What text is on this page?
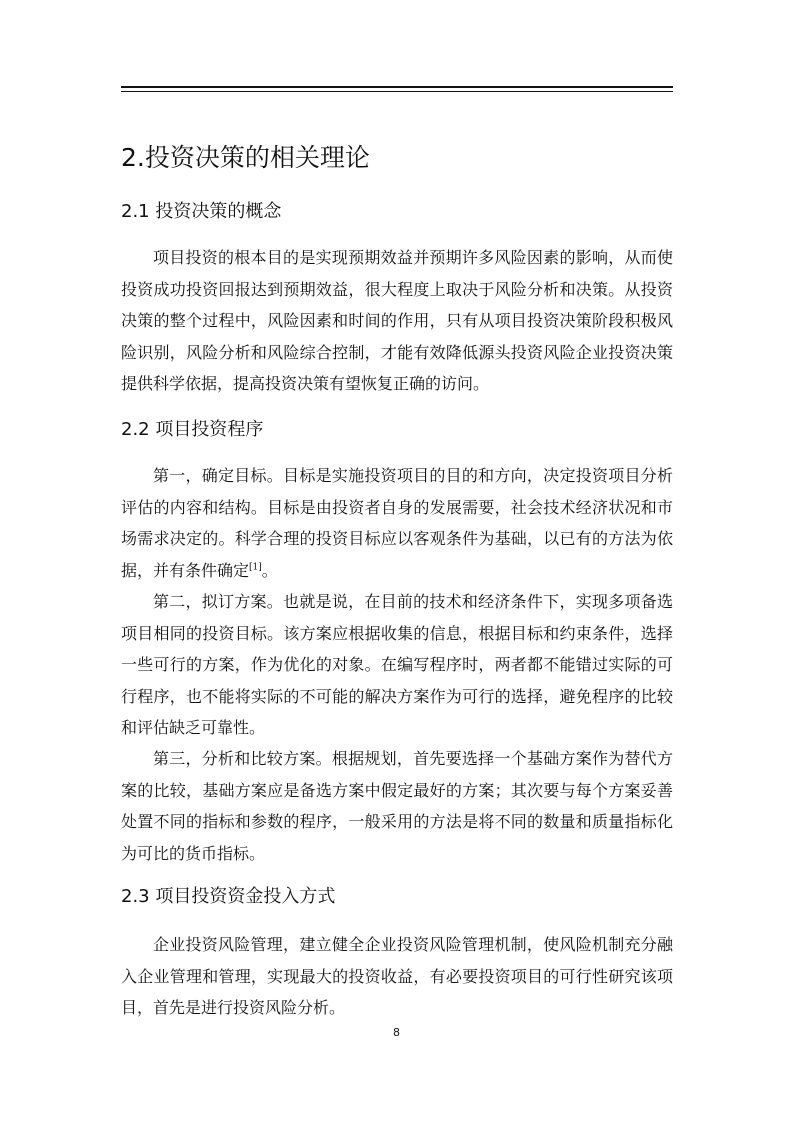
2.投资决策的相关理论
2.1 投资决策的概念

项目投资的根本目的是实现预期效益并预期许多风险因素的影响，从而使投资成功投资回报达到预期效益，很大程度上取决于风险分析和决策。从投资决策的整个过程中，风险因素和时间的作用，只有从项目投资决策阶段积极风险识别，风险分析和风险综合控制，才能有效降低源头投资风险企业投资决策提供科学依据，提高投资决策有望恢复正确的访问。

2.2 项目投资程序

第一，确定目标。目标是实施投资项目的目的和方向，决定投资项目分析评估的内容和结构。目标是由投资者自身的发展需要，社会技术经济状况和市场需求决定的。科学合理的投资目标应以客观条件为基础，以已有的方法为依据，并有条件确定[1]。

第二，拟订方案。也就是说，在目前的技术和经济条件下，实现多项备选项目相同的投资目标。该方案应根据收集的信息，根据目标和约束条件，选择一些可行的方案，作为优化的对象。在编写程序时，两者都不能错过实际的可行程序，也不能将实际的不可能的解决方案作为可行的选择，避免程序的比较和评估缺乏可靠性。

第三，分析和比较方案。根据规划，首先要选择一个基础方案作为替代方案的比较，基础方案应是备选方案中假定最好的方案；其次要与每个方案妥善处置不同的指标和参数的程序，一般采用的方法是将不同的数量和质量指标化为可比的货币指标。

2.3 项目投资资金投入方式

企业投资风险管理，建立健全企业投资风险管理机制，使风险机制充分融入企业管理和管理，实现最大的投资收益，有必要投资项目的可行性研究该项目，首先是进行投资风险分析。

8
